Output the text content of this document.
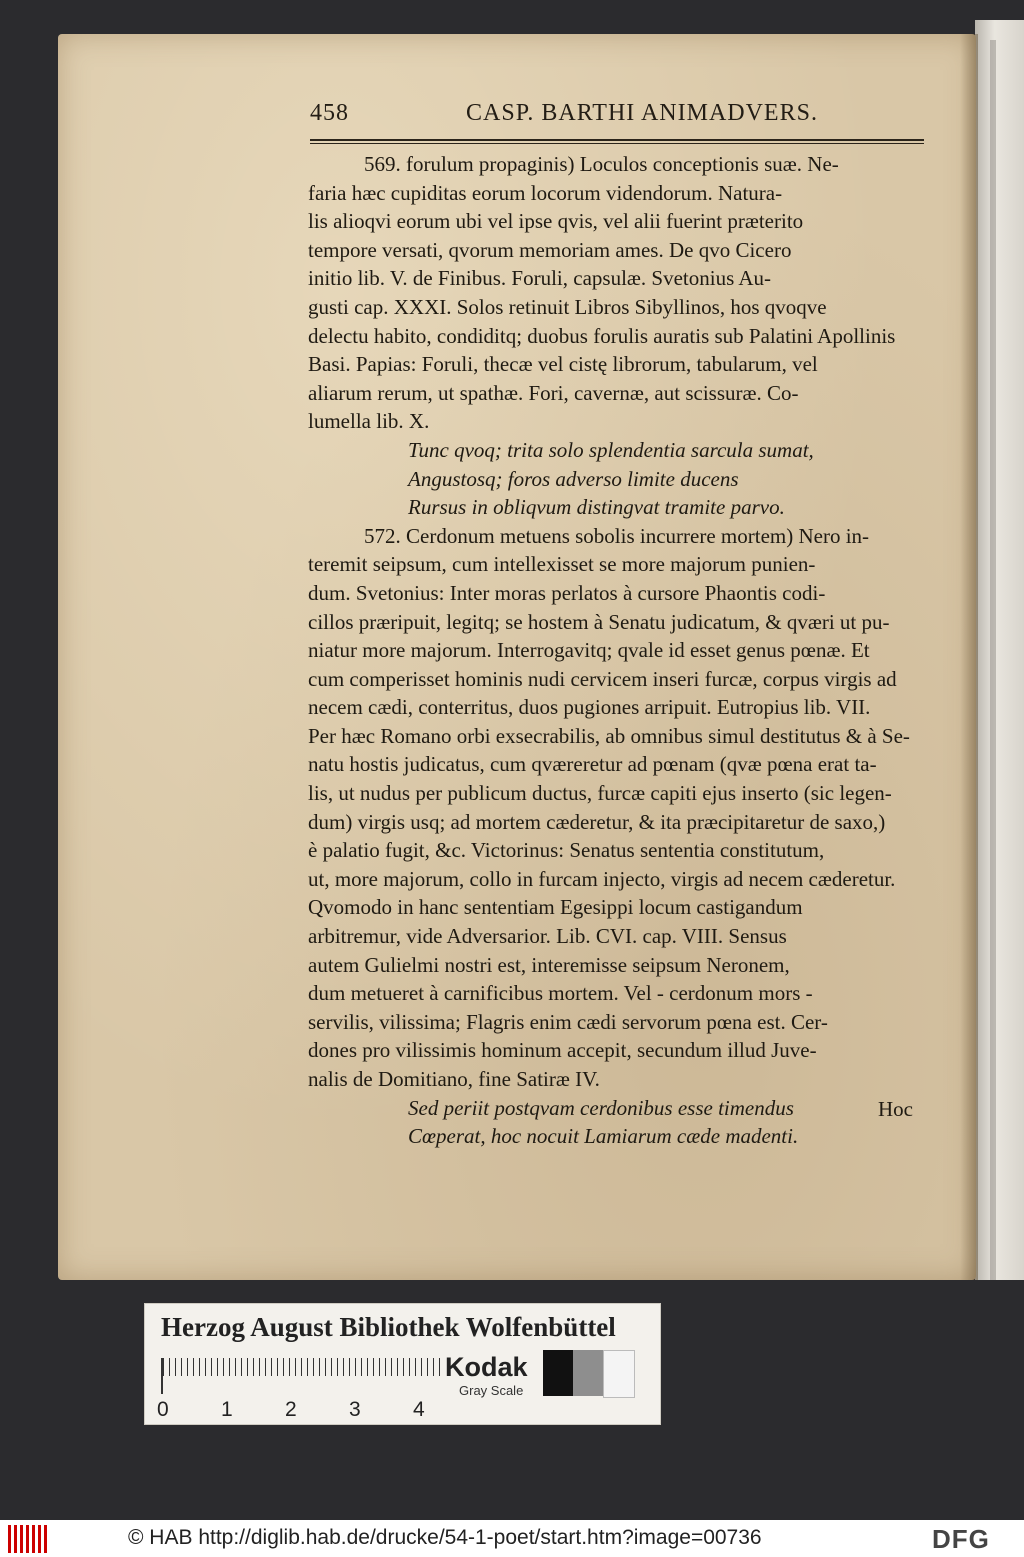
458	CASP. BARTHI ANIMADVERS.
569. forulum propaginis) Loculos conceptionis suæ. Ne-
faria hæc cupiditas eorum locorum videndorum. Natura-
lis alioqvi eorum ubi vel ipse qvis, vel alii fuerint præterito
tempore versati, qvorum memoriam ames. De qvo Cicero
initio lib. V. de Finibus. Foruli, capsulæ. Svetonius Au-
gusti cap. XXXI. Solos retinuit Libros Sibyllinos, hos qvoqve
delectu habito, condiditq; duobus forulis auratis sub Palatini Apollinis
Basi. Papias: Foruli, thecæ vel cistę librorum, tabularum, vel
aliarum rerum, ut spathæ. Fori, cavernæ, aut scissuræ. Co-
lumella lib. X.
Tunc qvoq; trita solo splendentia sarcula sumat,
Angustosq; foros adverso limite ducens
Rursus in obliqvum distingvat tramite parvo.
572. Cerdonum metuens sobolis incurrere mortem) Nero in-
teremit seipsum, cum intellexisset se more majorum punien-
dum. Svetonius: Inter moras perlatos à cursore Phaontis codi-
cillos præripuit, legitq; se hostem à Senatu judicatum, & qværi ut pu-
niatur more majorum. Interrogavitq; qvale id esset genus pœnæ. Et
cum comperisset hominis nudi cervicem inseri furcæ, corpus virgis ad
necem cædi, conterritus, duos pugiones arripuit. Eutropius lib. VII.
Per hæc Romano orbi exsecrabilis, ab omnibus simul destitutus & à Se-
natu hostis judicatus, cum qværeretur ad pœnam (qvæ pœna erat ta-
lis, ut nudus per publicum ductus, furcæ capiti ejus inserto (sic legen-
dum) virgis usq; ad mortem cæderetur, & ita præcipitaretur de saxo,)
è palatio fugit, &c. Victorinus: Senatus sententia constitutum,
ut, more majorum, collo in furcam injecto, virgis ad necem cæderetur.
Qvomodo in hanc sententiam Egesippi locum castigandum
arbitremur, vide Adversarior. Lib. CVI. cap. VIII. Sensus
autem Gulielmi nostri est, interemisse seipsum Neronem,
dum metueret à carnificibus mortem. Vel - cerdonum mors -
servilis, vilissima; Flagris enim cædi servorum pœna est. Cer-
dones pro vilissimis hominum accepit, secundum illud Juve-
nalis de Domitiano, fine Satiræ IV.
Sed periit postqvam cerdonibus esse timendus
Cœperat, hoc nocuit Lamiarum cæde madenti.
Hoc
Herzog August Bibliothek Wolfenbüttel
0 1 2 3 4
Kodak
Gray Scale
© HAB http://diglib.hab.de/drucke/54-1-poet/start.htm?image=00736	DFG
